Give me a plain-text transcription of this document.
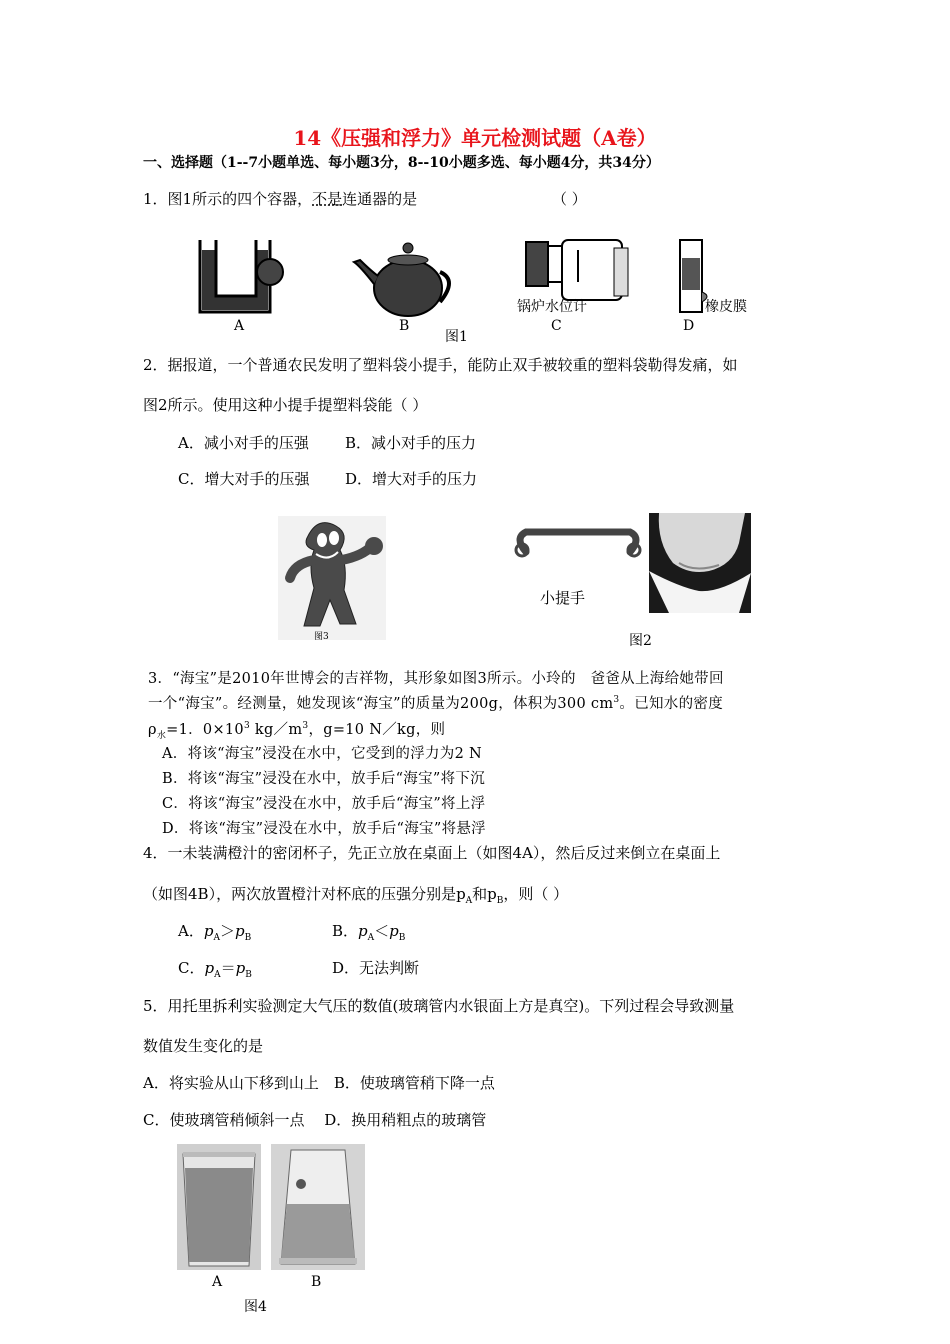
14《压强和浮力》单元检测试题（A卷）
一、选择题（1--7小题单选、每小题3分，8--10小题多选、每小题4分，共34分）
1．图1所示的四个容器，不是连通器的是	（ ）
锅炉水位计	橡皮膜
A	B
图1
C	D
2．据报道，一个普通农民发明了塑料袋小提手，能防止双手被较重的塑料袋勒得发痛，如
图2所示。使用这种小提手提塑料袋能（ ）
A．减小对手的压强 B．减小对手的压力
C．增大对手的压强 D．增大对手的压力
图3
小提手
图2
3．“海宝”是2010年世博会的吉祥物，其形象如图3所示。小玲的　爸爸从上海给她带回
一个“海宝”。经测量，她发现该“海宝”的质量为200g，体积为300 $cm^3$。已知水的密度
$\rho_水=1$．$0\times 10^3$ $kg/m^3$，g=10 N／kg，则
A．将该“海宝”浸没在水中，它受到的浮力为2 N
B．将该“海宝”浸没在水中，放手后“海宝”将下沉
C．将该“海宝”浸没在水中，放手后“海宝”将上浮
D．将该“海宝”浸没在水中，放手后“海宝”将悬浮
4．一未装满橙汁的密闭杯子，先正立放在桌面上（如图4A），然后反过来倒立在桌面上
（如图4B），两次放置橙汁对杯底的压强分别是$p_A$和$p_B$，则（ ）
A．$p_A>p_B$	B．$p_A<p_B$
C．$p_A=p_B$	D．无法判断
5．用托里拆利实验测定大气压的数值(玻璃管内水银面上方是真空)。下列过程会导致测量
数值发生变化的是
A．将实验从山下移到山上　B．使玻璃管稍下降一点
C．使玻璃管稍倾斜一点　 D．换用稍粗点的玻璃管
A	B
图4
